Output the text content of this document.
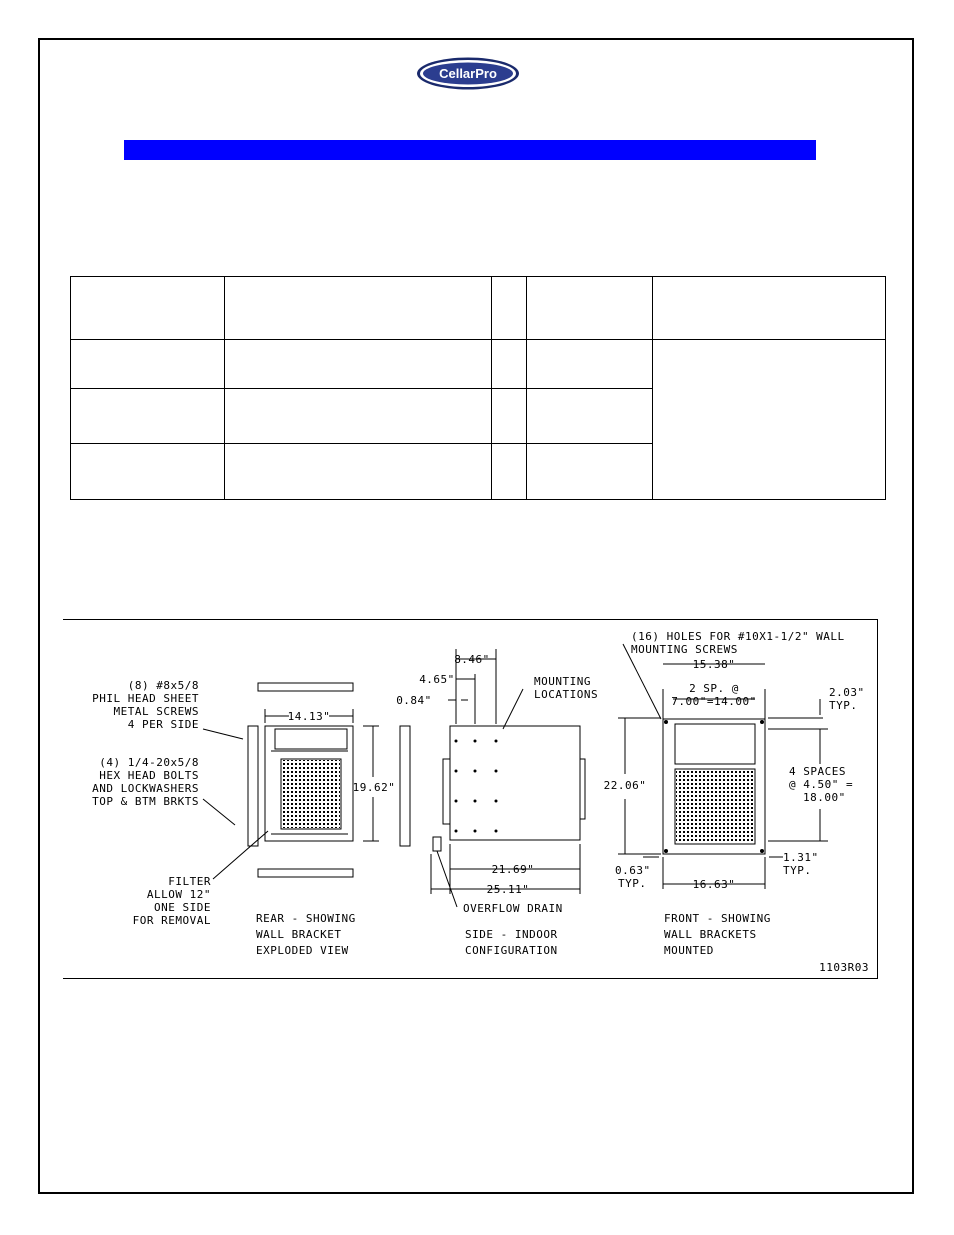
CellarPro

(8) #8x5/8
PHIL HEAD SHEET
METAL SCREWS
4 PER SIDE
(4) 1/4-20x5/8
HEX HEAD BOLTS
AND LOCKWASHERS
TOP & BTM BRKTS
FILTER
ALLOW 12"
ONE SIDE
FOR REMOVAL
14.13"
19.62"
REAR - SHOWING
WALL BRACKET
EXPLODED VIEW
8.46"
4.65"
0.84"
MOUNTING
LOCATIONS
21.69"
25.11"
OVERFLOW DRAIN
SIDE - INDOOR
CONFIGURATION
(16) HOLES FOR #10X1-1/2" WALL
MOUNTING SCREWS
15.38"
2 SP. @
7.00"=14.00"
2.03"
TYP.
22.06"
4 SPACES
@ 4.50" =
18.00"
0.63"
TYP.
1.31"
TYP.
16.63"
FRONT - SHOWING
WALL BRACKETS
MOUNTED
1103R03
